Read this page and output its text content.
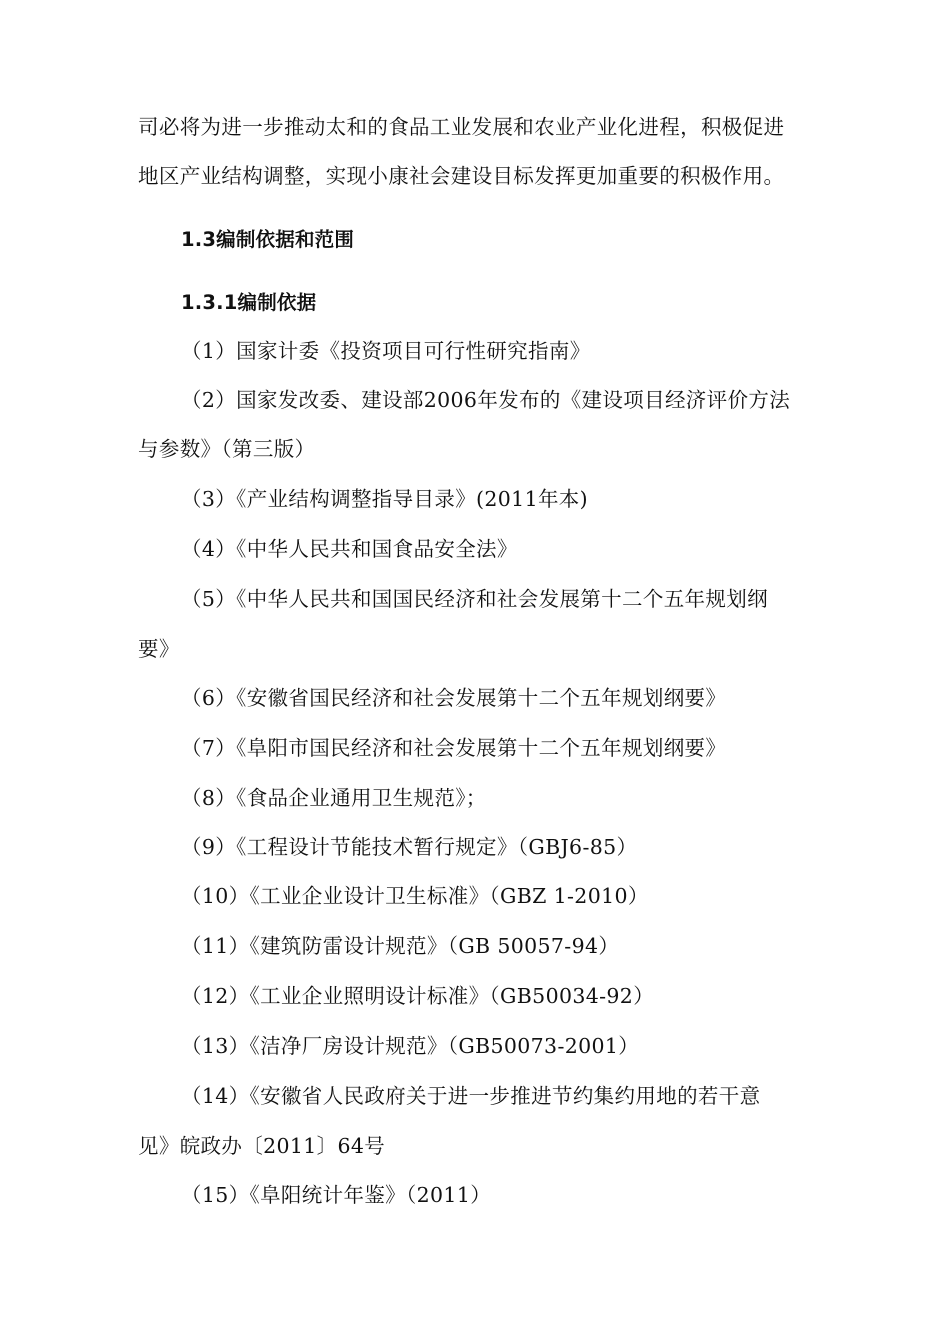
司必将为进一步推动太和的食品工业发展和农业产业化进程，积极促进
地区产业结构调整，实现小康社会建设目标发挥更加重要的积极作用。
1.3编制依据和范围
1.3.1编制依据
（1）国家计委《投资项目可行性研究指南》
（2）国家发改委、建设部2006年发布的《建设项目经济评价方法
与参数》（第三版）
（3）《产业结构调整指导目录》(2011年本)
（4）《中华人民共和国食品安全法》
（5）《中华人民共和国国民经济和社会发展第十二个五年规划纲
要》
（6）《安徽省国民经济和社会发展第十二个五年规划纲要》
（7）《阜阳市国民经济和社会发展第十二个五年规划纲要》
（8）《食品企业通用卫生规范》；
（9）《工程设计节能技术暂行规定》（GBJ6-85）
（10）《工业企业设计卫生标准》（GBZ 1-2010）
（11）《建筑防雷设计规范》（GB 50057-94）
（12）《工业企业照明设计标准》（GB50034-92）
（13）《洁净厂房设计规范》（GB50073-2001）
（14）《安徽省人民政府关于进一步推进节约集约用地的若干意
见》皖政办〔2011〕64号
（15）《阜阳统计年鉴》（2011）
